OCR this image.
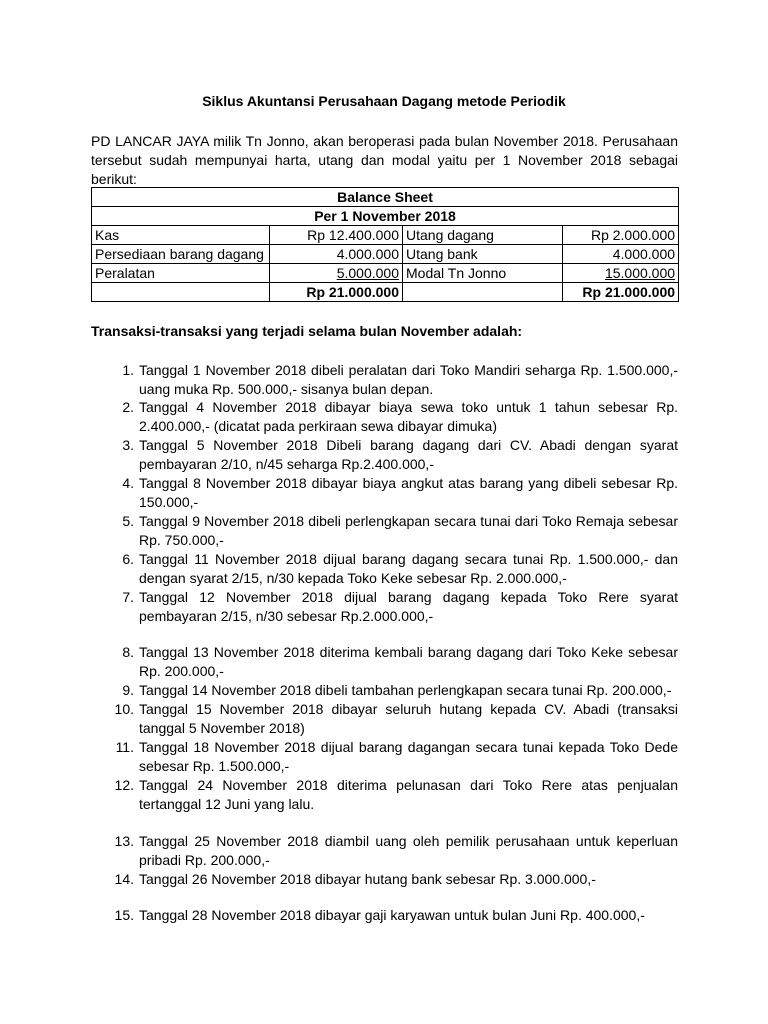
Siklus Akuntansi Perusahaan Dagang metode Periodik
PD LANCAR JAYA milik Tn Jonno, akan beroperasi pada bulan November 2018. Perusahaan tersebut sudah mempunyai harta, utang dan modal yaitu per 1 November 2018 sebagai berikut:
Balance Sheet			
Per 1 November 2018			
Kas	Rp 12.400.000	Utang dagang	Rp 2.000.000
Persediaan barang dagang	4.000.000	Utang bank	4.000.000
Peralatan	5.000.000	Modal Tn Jonno	15.000.000
	Rp 21.000.000		Rp 21.000.000
Transaksi-transaksi yang terjadi selama bulan November adalah:
1. Tanggal 1 November 2018 dibeli peralatan dari Toko Mandiri seharga Rp. 1.500.000,- uang muka Rp. 500.000,- sisanya bulan depan.
2. Tanggal 4 November 2018 dibayar biaya sewa toko untuk 1 tahun sebesar Rp. 2.400.000,- (dicatat pada perkiraan sewa dibayar dimuka)
3. Tanggal 5 November 2018 Dibeli barang dagang dari CV. Abadi dengan syarat pembayaran 2/10, n/45 seharga Rp.2.400.000,-
4. Tanggal 8 November 2018 dibayar biaya angkut atas barang yang dibeli sebesar Rp. 150.000,-
5. Tanggal 9 November 2018 dibeli perlengkapan secara tunai dari Toko Remaja sebesar Rp. 750.000,-
6. Tanggal 11 November 2018 dijual barang dagang secara tunai Rp. 1.500.000,- dan dengan syarat 2/15, n/30 kepada Toko Keke sebesar Rp. 2.000.000,-
7. Tanggal 12 November 2018 dijual barang dagang kepada Toko Rere syarat pembayaran 2/15, n/30 sebesar Rp.2.000.000,-
8. Tanggal 13 November 2018 diterima kembali barang dagang dari Toko Keke sebesar Rp. 200.000,-
9. Tanggal 14 November 2018 dibeli tambahan perlengkapan secara tunai Rp. 200.000,-
10. Tanggal 15 November 2018 dibayar seluruh hutang kepada CV. Abadi (transaksi tanggal 5 November 2018)
11. Tanggal 18 November 2018 dijual barang dagangan secara tunai kepada Toko Dede sebesar Rp. 1.500.000,-
12. Tanggal 24 November 2018 diterima pelunasan dari Toko Rere atas penjualan tertanggal 12 Juni yang lalu.
13. Tanggal 25 November 2018 diambil uang oleh pemilik perusahaan untuk keperluan pribadi Rp. 200.000,-
14. Tanggal 26 November 2018 dibayar hutang bank sebesar Rp. 3.000.000,-
15. Tanggal 28 November 2018 dibayar gaji karyawan untuk bulan Juni Rp. 400.000,-
